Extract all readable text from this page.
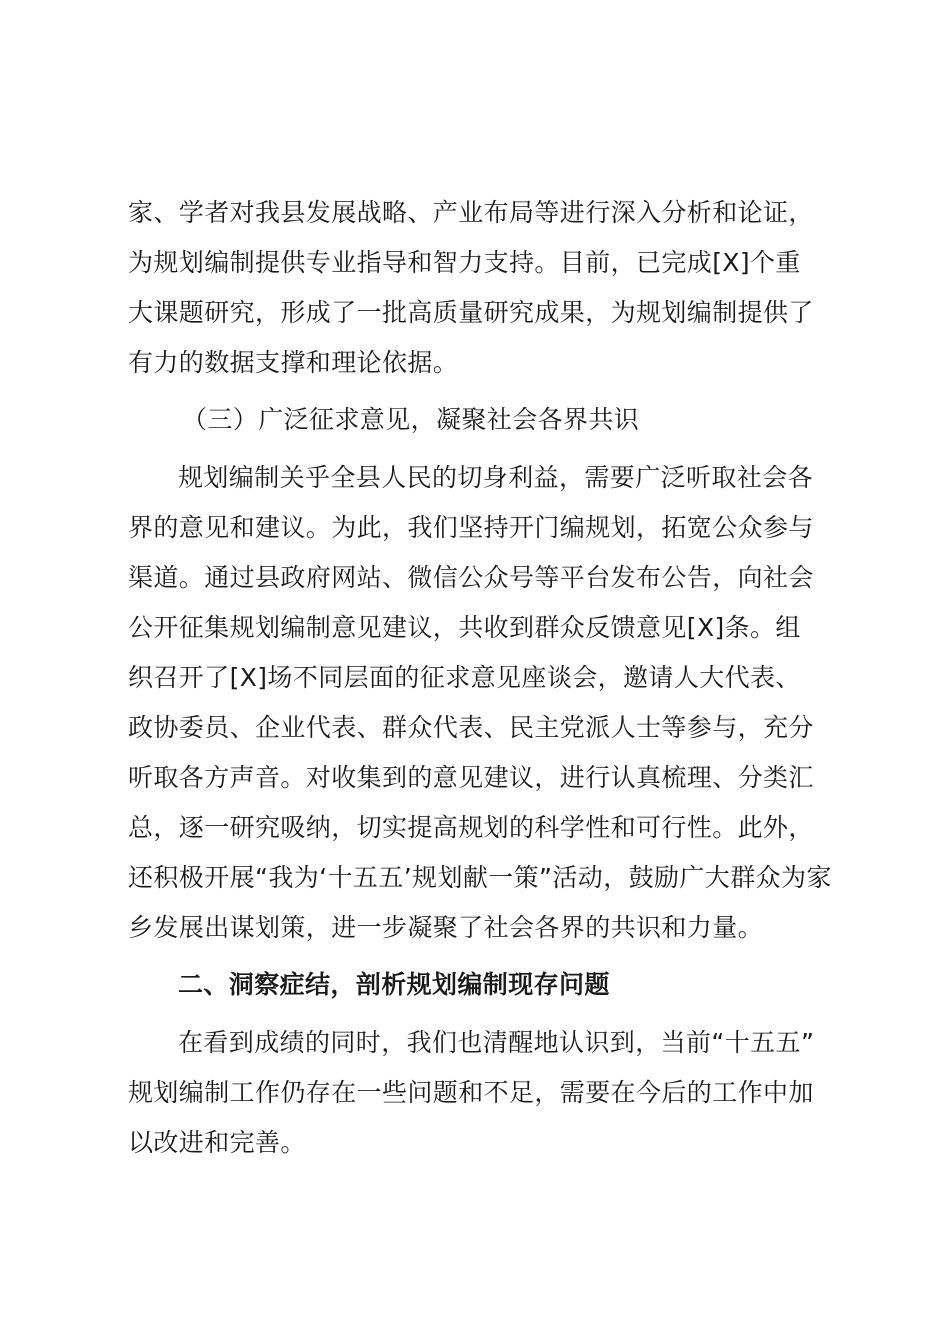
家、学者对我县发展战略、产业布局等进行深入分析和论证，
为规划编制提供专业指导和智力支持。目前，已完成[X]个重
大课题研究，形成了一批高质量研究成果，为规划编制提供了
有力的数据支撑和理论依据。
（三）广泛征求意见，凝聚社会各界共识
规划编制关乎全县人民的切身利益，需要广泛听取社会各
界的意见和建议。为此，我们坚持开门编规划，拓宽公众参与
渠道。通过县政府网站、微信公众号等平台发布公告，向社会
公开征集规划编制意见建议，共收到群众反馈意见[X]条。组
织召开了[X]场不同层面的征求意见座谈会，邀请人大代表、
政协委员、企业代表、群众代表、民主党派人士等参与，充分
听取各方声音。对收集到的意见建议，进行认真梳理、分类汇
总，逐一研究吸纳，切实提高规划的科学性和可行性。此外，
还积极开展“我为‘十五五’规划献一策”活动，鼓励广大群众为家
乡发展出谋划策，进一步凝聚了社会各界的共识和力量。
二、洞察症结，剖析规划编制现存问题
在看到成绩的同时，我们也清醒地认识到，当前“十五五”
规划编制工作仍存在一些问题和不足，需要在今后的工作中加
以改进和完善。
